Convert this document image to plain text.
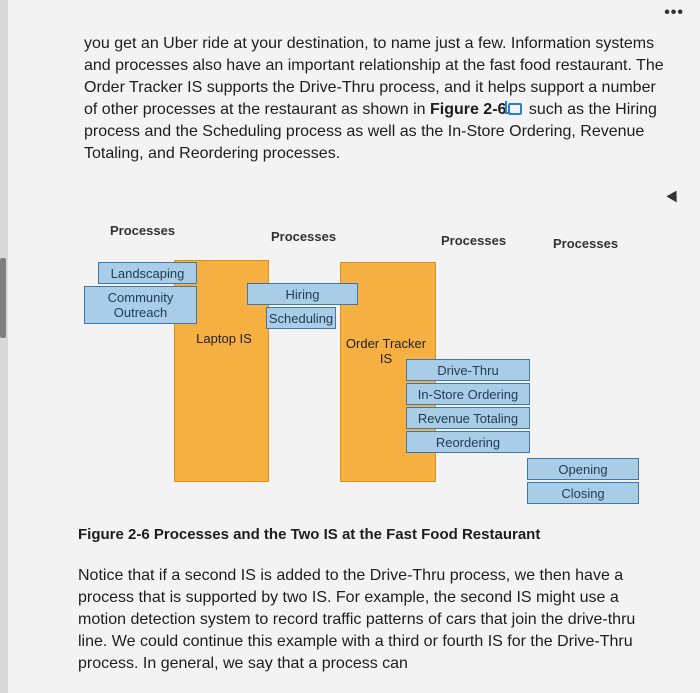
•••
you get an Uber ride at your destination, to name just a few. Information systems and processes also have an important relationship at the fast food restaurant. The Order Tracker IS supports the Drive-Thru process, and it helps support a number of other processes at the restaurant as shown in Figure 2-6 such as the Hiring process and the Scheduling process as well as the In-Store Ordering, Revenue Totaling, and Reordering processes.
Processes	Processes	Processes	Processes
Laptop IS	Order Tracker IS
Landscaping
Community Outreach
Hiring
Scheduling
Drive-Thru
In-Store Ordering
Revenue Totaling
Reordering
Opening
Closing
Figure 2-6 Processes and the Two IS at the Fast Food Restaurant
Notice that if a second IS is added to the Drive-Thru process, we then have a process that is supported by two IS. For example, the second IS might use a motion detection system to record traffic patterns of cars that join the drive-thru line. We could continue this example with a third or fourth IS for the Drive-Thru process. In general, we say that a process can
